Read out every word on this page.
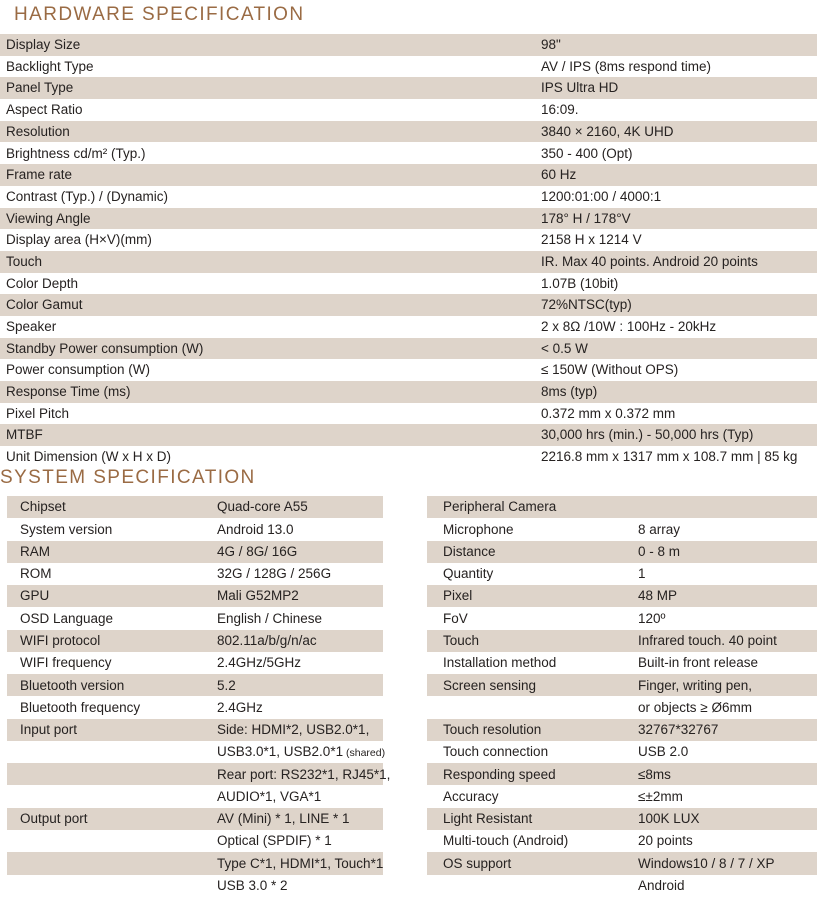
HARDWARE SPECIFICATION
Display Size	98"
Backlight Type	AV / IPS (8ms respond time)
Panel Type	IPS Ultra HD
Aspect Ratio	16:09.
Resolution	3840 × 2160, 4K UHD
Brightness cd/m² (Typ.)	350 - 400 (Opt)
Frame rate	60 Hz
Contrast (Typ.) / (Dynamic)	1200:01:00 / 4000:1
Viewing Angle	178° H / 178°V
Display area (H×V)(mm)	2158 H x 1214 V
Touch	IR. Max 40 points. Android 20 points
Color Depth	1.07B (10bit)
Color Gamut	72%NTSC(typ)
Speaker	2 x 8Ω /10W : 100Hz - 20kHz
Standby Power consumption (W)	< 0.5 W
Power consumption (W)	≤ 150W (Without OPS)
Response Time (ms)	8ms (typ)
Pixel Pitch	0.372 mm x 0.372 mm
MTBF	30,000 hrs (min.) - 50,000 hrs (Typ)
Unit Dimension (W x H x D)	2216.8 mm x 1317 mm x 108.7 mm | 85 kg
SYSTEM SPECIFICATION
Chipset	Quad-core A55
System version	Android 13.0
RAM	4G / 8G/ 16G
ROM	32G / 128G / 256G
GPU	Mali G52MP2
OSD Language	English / Chinese
WIFI protocol	802.11a/b/g/n/ac
WIFI frequency	2.4GHz/5GHz
Bluetooth version	5.2
Bluetooth frequency	2.4GHz
Input port	Side: HDMI*2, USB2.0*1,
USB3.0*1, USB2.0*1 (shared)
Rear port: RS232*1, RJ45*1,
AUDIO*1, VGA*1
Output port	AV (Mini) * 1, LINE * 1
Optical (SPDIF) * 1
Type C*1, HDMI*1, Touch*1
USB 3.0 * 2
Peripheral Camera
Microphone	8 array
Distance	0 - 8 m
Quantity	1
Pixel	48 MP
FoV	120º
Touch	Infrared touch. 40 point
Installation method	Built-in front release
Screen sensing	Finger, writing pen,
or objects ≥ Ø6mm
Touch resolution	32767*32767
Touch connection	USB 2.0
Responding speed	≤8ms
Accuracy	≤±2mm
Light Resistant	100K LUX
Multi-touch (Android)	20 points
OS support	Windows10 / 8 / 7 / XP
Android
